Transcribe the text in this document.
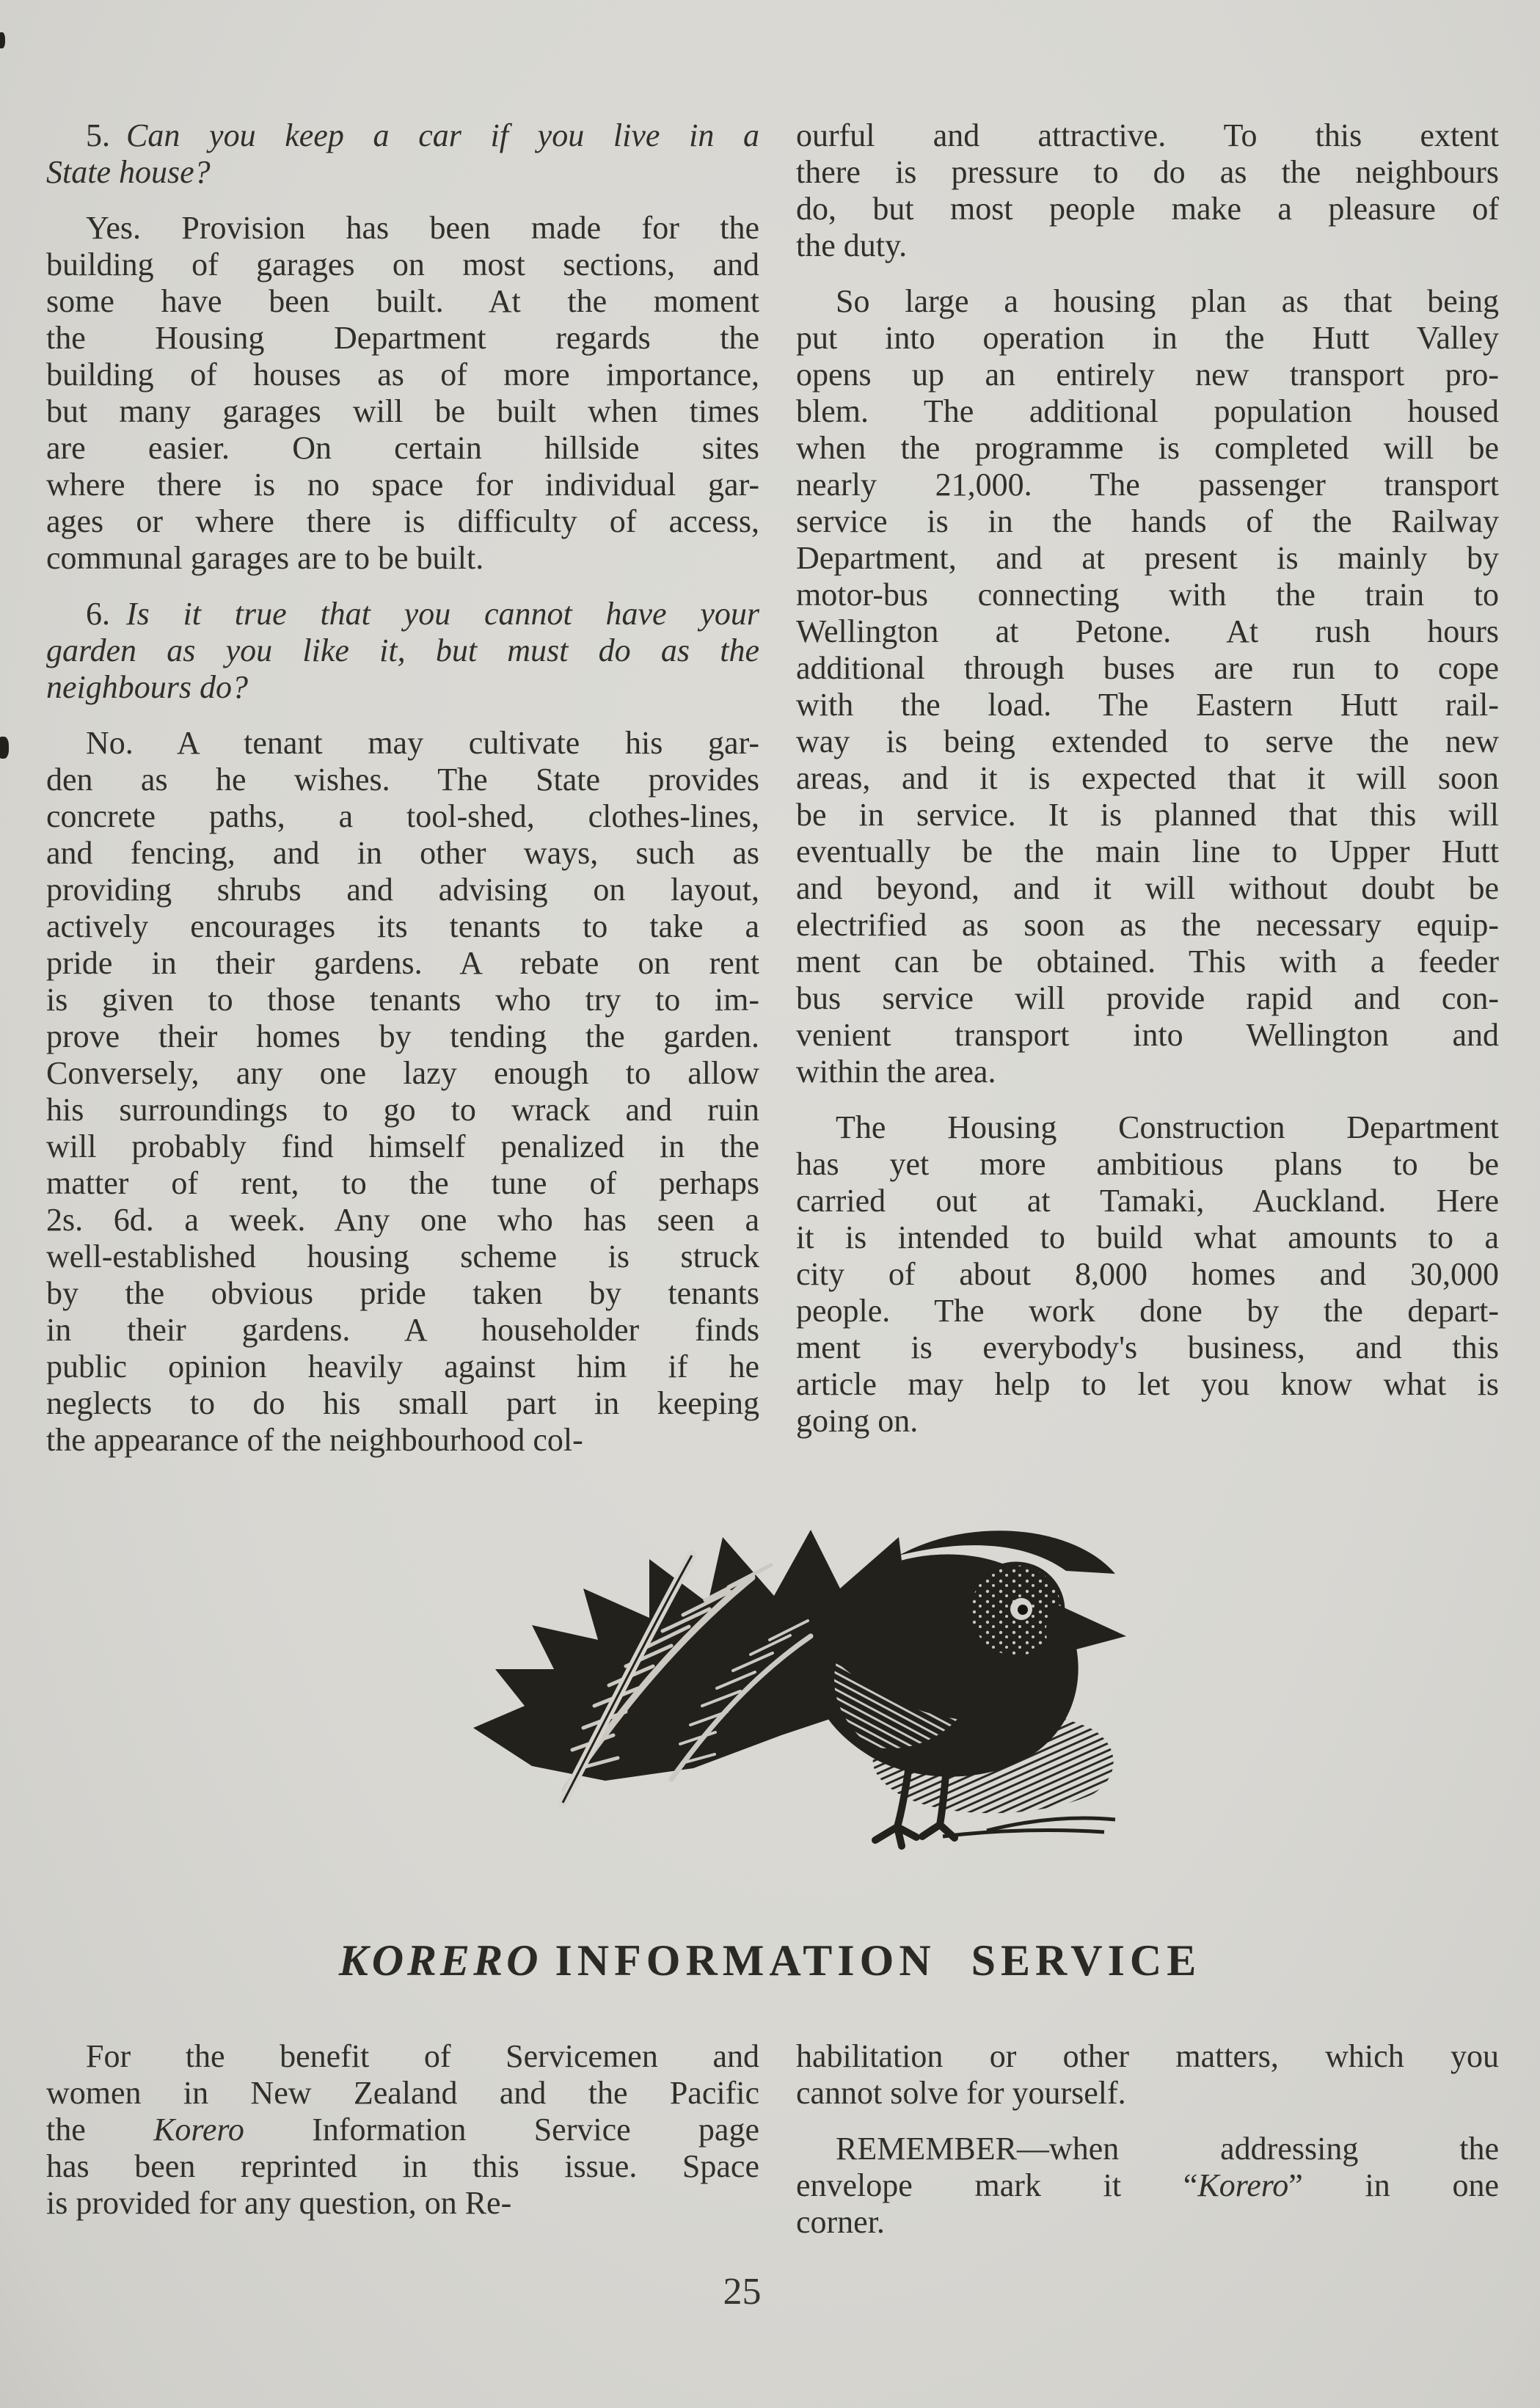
5. Can you keep a car if you live in a
State house?
Yes. Provision has been made for the
building of garages on most sections, and
some have been built. At the moment
the Housing Department regards the
building of houses as of more importance,
but many garages will be built when times
are easier. On certain hillside sites
where there is no space for individual gar-
ages or where there is difficulty of access,
communal garages are to be built.
6. Is it true that you cannot have your
garden as you like it, but must do as the
neighbours do?
No. A tenant may cultivate his gar-
den as he wishes. The State provides
concrete paths, a tool-shed, clothes-lines,
and fencing, and in other ways, such as
providing shrubs and advising on layout,
actively encourages its tenants to take a
pride in their gardens. A rebate on rent
is given to those tenants who try to im-
prove their homes by tending the garden.
Conversely, any one lazy enough to allow
his surroundings to go to wrack and ruin
will probably find himself penalized in the
matter of rent, to the tune of perhaps
2s. 6d. a week. Any one who has seen a
well-established housing scheme is struck
by the obvious pride taken by tenants
in their gardens. A householder finds
public opinion heavily against him if he
neglects to do his small part in keeping
the appearance of the neighbourhood col-
ourful and attractive. To this extent
there is pressure to do as the neighbours
do, but most people make a pleasure of
the duty.
So large a housing plan as that being
put into operation in the Hutt Valley
opens up an entirely new transport pro-
blem. The additional population housed
when the programme is completed will be
nearly 21,000. The passenger transport
service is in the hands of the Railway
Department, and at present is mainly by
motor-bus connecting with the train to
Wellington at Petone. At rush hours
additional through buses are run to cope
with the load. The Eastern Hutt rail-
way is being extended to serve the new
areas, and it is expected that it will soon
be in service. It is planned that this will
eventually be the main line to Upper Hutt
and beyond, and it will without doubt be
electrified as soon as the necessary equip-
ment can be obtained. This with a feeder
bus service will provide rapid and con-
venient transport into Wellington and
within the area.
The Housing Construction Department
has yet more ambitious plans to be
carried out at Tamaki, Auckland. Here
it is intended to build what amounts to a
city of about 8,000 homes and 30,000
people. The work done by the depart-
ment is everybody's business, and this
article may help to let you know what is
going on.
KORERO INFORMATION SERVICE
For the benefit of Servicemen and
women in New Zealand and the Pacific
the Korero Information Service page
has been reprinted in this issue. Space
is provided for any question, on Re-
habilitation or other matters, which you
cannot solve for yourself.
REMEMBER—when addressing the
envelope mark it “Korero” in one
corner.
25
